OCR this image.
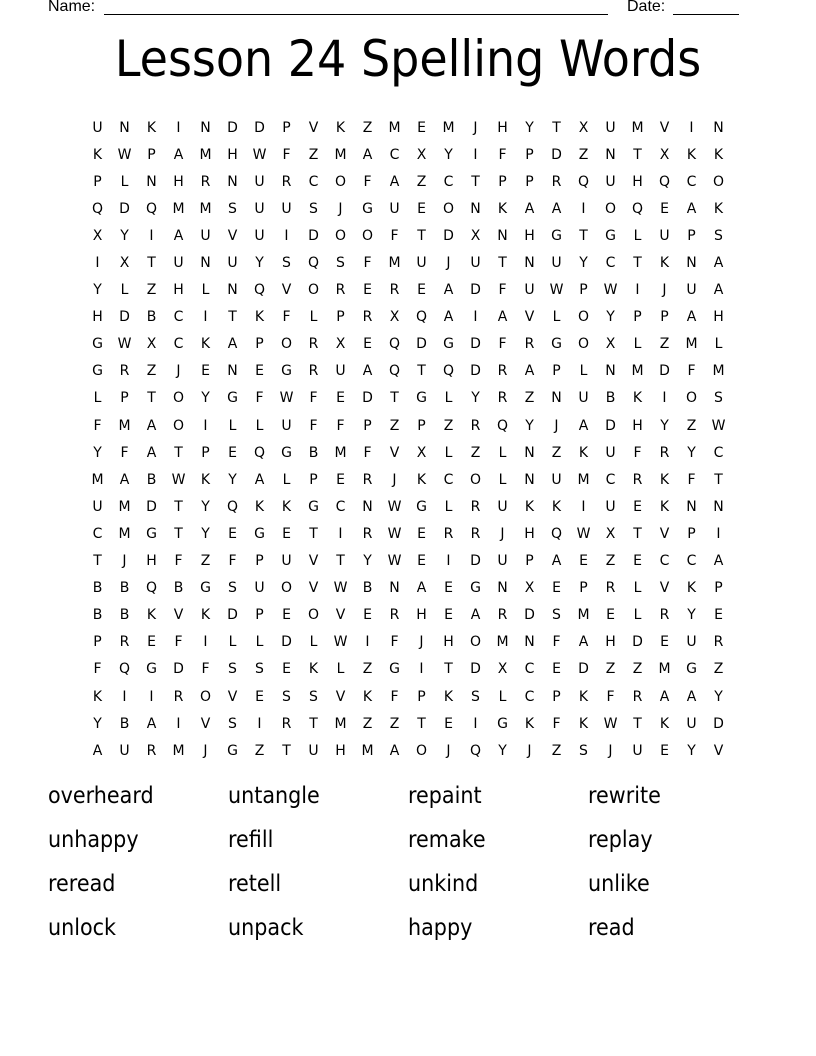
Name:	Date:
Lesson 24 Spelling Words
U	N	K	I	N	D	D	P	V	K	Z	M	E	M	J	H	Y	T	X	U	M	V	I	N
K	W	P	A	M	H	W	F	Z	M	A	C	X	Y	I	F	P	D	Z	N	T	X	K	K
P	L	N	H	R	N	U	R	C	O	F	A	Z	C	T	P	P	R	Q	U	H	Q	C	O
Q	D	Q	M	M	S	U	U	S	J	G	U	E	O	N	K	A	A	I	O	Q	E	A	K
X	Y	I	A	U	V	U	I	D	O	O	F	T	D	X	N	H	G	T	G	L	U	P	S
I	X	T	U	N	U	Y	S	Q	S	F	M	U	J	U	T	N	U	Y	C	T	K	N	A
Y	L	Z	H	L	N	Q	V	O	R	E	R	E	A	D	F	U	W	P	W	I	J	U	A
H	D	B	C	I	T	K	F	L	P	R	X	Q	A	I	A	V	L	O	Y	P	P	A	H
G	W	X	C	K	A	P	O	R	X	E	Q	D	G	D	F	R	G	O	X	L	Z	M	L
G	R	Z	J	E	N	E	G	R	U	A	Q	T	Q	D	R	A	P	L	N	M	D	F	M
L	P	T	O	Y	G	F	W	F	E	D	T	G	L	Y	R	Z	N	U	B	K	I	O	S
F	M	A	O	I	L	L	U	F	F	P	Z	P	Z	R	Q	Y	J	A	D	H	Y	Z	W
Y	F	A	T	P	E	Q	G	B	M	F	V	X	L	Z	L	N	Z	K	U	F	R	Y	C
M	A	B	W	K	Y	A	L	P	E	R	J	K	C	O	L	N	U	M	C	R	K	F	T
U	M	D	T	Y	Q	K	K	G	C	N	W	G	L	R	U	K	K	I	U	E	K	N	N
C	M	G	T	Y	E	G	E	T	I	R	W	E	R	R	J	H	Q	W	X	T	V	P	I
T	J	H	F	Z	F	P	U	V	T	Y	W	E	I	D	U	P	A	E	Z	E	C	C	A
B	B	Q	B	G	S	U	O	V	W	B	N	A	E	G	N	X	E	P	R	L	V	K	P
B	B	K	V	K	D	P	E	O	V	E	R	H	E	A	R	D	S	M	E	L	R	Y	E
P	R	E	F	I	L	L	D	L	W	I	F	J	H	O	M	N	F	A	H	D	E	U	R
F	Q	G	D	F	S	S	E	K	L	Z	G	I	T	D	X	C	E	D	Z	Z	M	G	Z
K	I	I	R	O	V	E	S	S	V	K	F	P	K	S	L	C	P	K	F	R	A	A	Y
Y	B	A	I	V	S	I	R	T	M	Z	Z	T	E	I	G	K	F	K	W	T	K	U	D
A	U	R	M	J	G	Z	T	U	H	M	A	O	J	Q	Y	J	Z	S	J	U	E	Y	V
overheard	untangle	repaint	rewrite
unhappy	refill	remake	replay
reread	retell	unkind	unlike
unlock	unpack	happy	read
